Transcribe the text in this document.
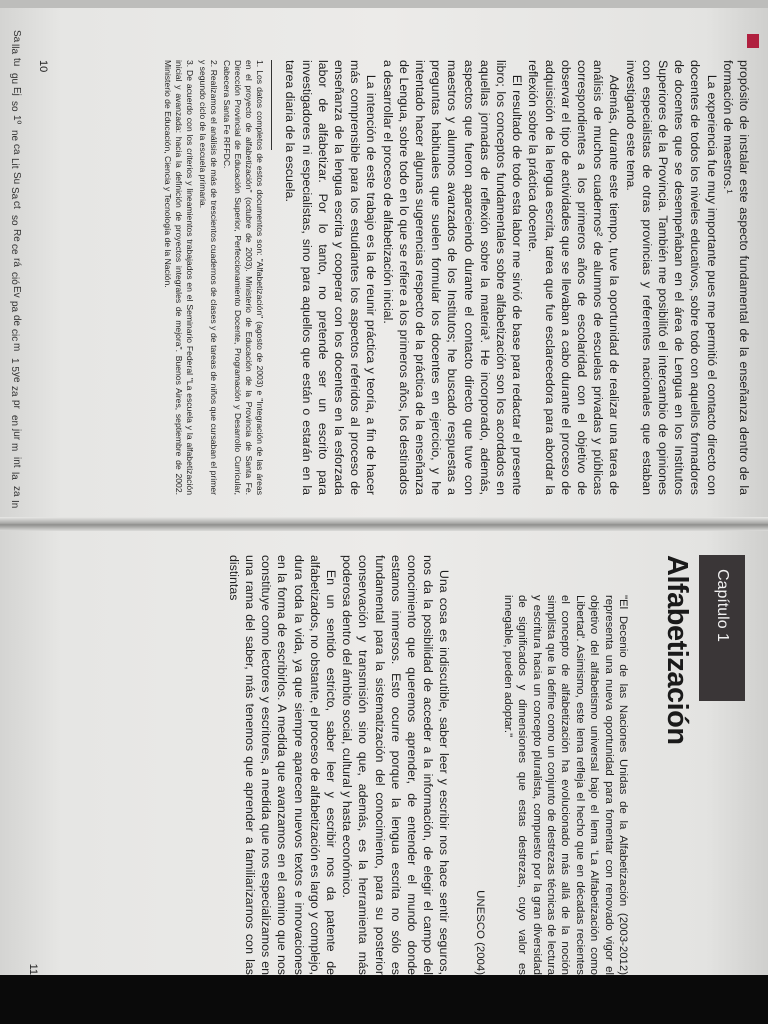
Sa
lla
tu
gu
Ej
so
1º
ne
ca
Lit
Su
Sa
ct
so
Re
ce
rá
ció
Ev
pa
de
cic
m
1 5
ye
za
pr
en
jur
m
int
la
za
In

propósito de instalar este aspecto fundamental de la enseñanza dentro de la formación de maestros.¹

La experiencia fue muy importante pues me permitió el contacto directo con docentes de todos los niveles educativos, sobre todo con aquellos formadores de docentes que se desempeñaban en el área de Lengua en los Institutos Superiores de la Provincia. También me posibilitó el intercambio de opiniones con especialistas de otras provincias y referentes nacionales que estaban investigando este tema.

Además, durante este tiempo, tuve la oportunidad de realizar una tarea de análisis de muchos cuadernos² de alumnos de escuelas privadas y públicas correspondientes a los primeros años de escolaridad con el objetivo de observar el tipo de actividades que se llevaban a cabo durante el proceso de adquisición de la lengua escrita, tarea que fue esclarecedora para abordar la reflexión sobre la práctica docente.

El resultado de todo esta labor me sirvió de base para redactar el presente libro; los conceptos fundamentales sobre alfabetización son los acordados en aquellas jornadas de reflexión sobre la materia³. He incorporado, además, aspectos que fueron apareciendo durante el contacto directo que tuve con maestros y alumnos avanzados de los Institutos; he buscado respuestas a preguntas habituales que suelen formular los docentes en ejercicio, y he intentado hacer algunas sugerencias respecto de la práctica de la enseñanza de Lengua, sobre todo en lo que se refiere a los primeros años, los destinados a desarrollar el proceso de alfabetización inicial.

La intención de este trabajo es la de reunir práctica y teoría, a fin de hacer más comprensible para los estudiantes los aspectos referidos al proceso de enseñanza de la lengua escrita y cooperar con los docentes en la esforzada labor de alfabetizar. Por lo tanto, no pretende ser un escrito para investigadores ni especialistas, sino para aquellos que están o estarán en la tarea diaria de la escuela.

1. Los datos completos de estos documentos son: "Alfabetización" (agosto de 2003) e "Integración de las áreas en el proyecto de alfabetización" (octubre de 2003). Ministerio de Educación de la Provincia de Santa Fe. Dirección Provincial de Educación Superior, Perfeccionamiento Docente, Programación y Desarrollo Curricular, Cabecera Santa Fe RFFDC.
2. Realizamos el análisis de más de trescientos cuadernos de clases y de tareas de niños que cursaban el primer y segundo ciclo de la escuela primaria.
3. De acuerdo con los criterios y lineamientos trabajados en el Seminario Federal "La escuela y la alfabetización inicial y avanzada: hacia la definición de proyectos integrales de mejora". Buenos Aires, septiembre de 2002. Ministerio de Educación, Ciencia y Tecnología de la Nación.
10
Capítulo 1
Alfabetización
"El Decenio de las Naciones Unidas de la Alfabetización (2003-2012) representa una nueva oportunidad para fomentar con renovado vigor el objetivo del alfabetismo universal bajo el lema 'La Alfabetización como Libertad'. Asimismo, este lema refleja el hecho que en décadas recientes el concepto de alfabetización ha evolucionado más allá de la noción simplista que la define como un conjunto de destrezas técnicas de lectura y escritura hacia un concepto pluralista, compuesto por la gran diversidad de significados y dimensiones que estas destrezas, cuyo valor es innegable, pueden adoptar."
UNESCO (2004)

Una cosa es indiscutible, saber leer y escribir nos hace sentir seguros, nos da la posibilidad de acceder a la información, de elegir el campo del conocimiento que queremos aprender, de entender el mundo donde estamos inmersos. Esto ocurre porque la lengua escrita no sólo es fundamental para la sistematización del conocimiento, para su posterior conservación y transmisión sino que, además, es la herramienta más poderosa dentro del ámbito social, cultural y hasta económico.

En un sentido estricto, saber leer y escribir nos da patente de alfabetizados, no obstante, el proceso de alfabetización es largo y complejo, dura toda la vida, ya que siempre aparecen nuevos textos e innovaciones en la forma de escribirlos. A medida que avanzamos en el camino que nos constituye como lectores y escritores, a medida que nos especializamos en una rama del saber, más tenemos que aprender a familiarizarnos con las distintas

11
